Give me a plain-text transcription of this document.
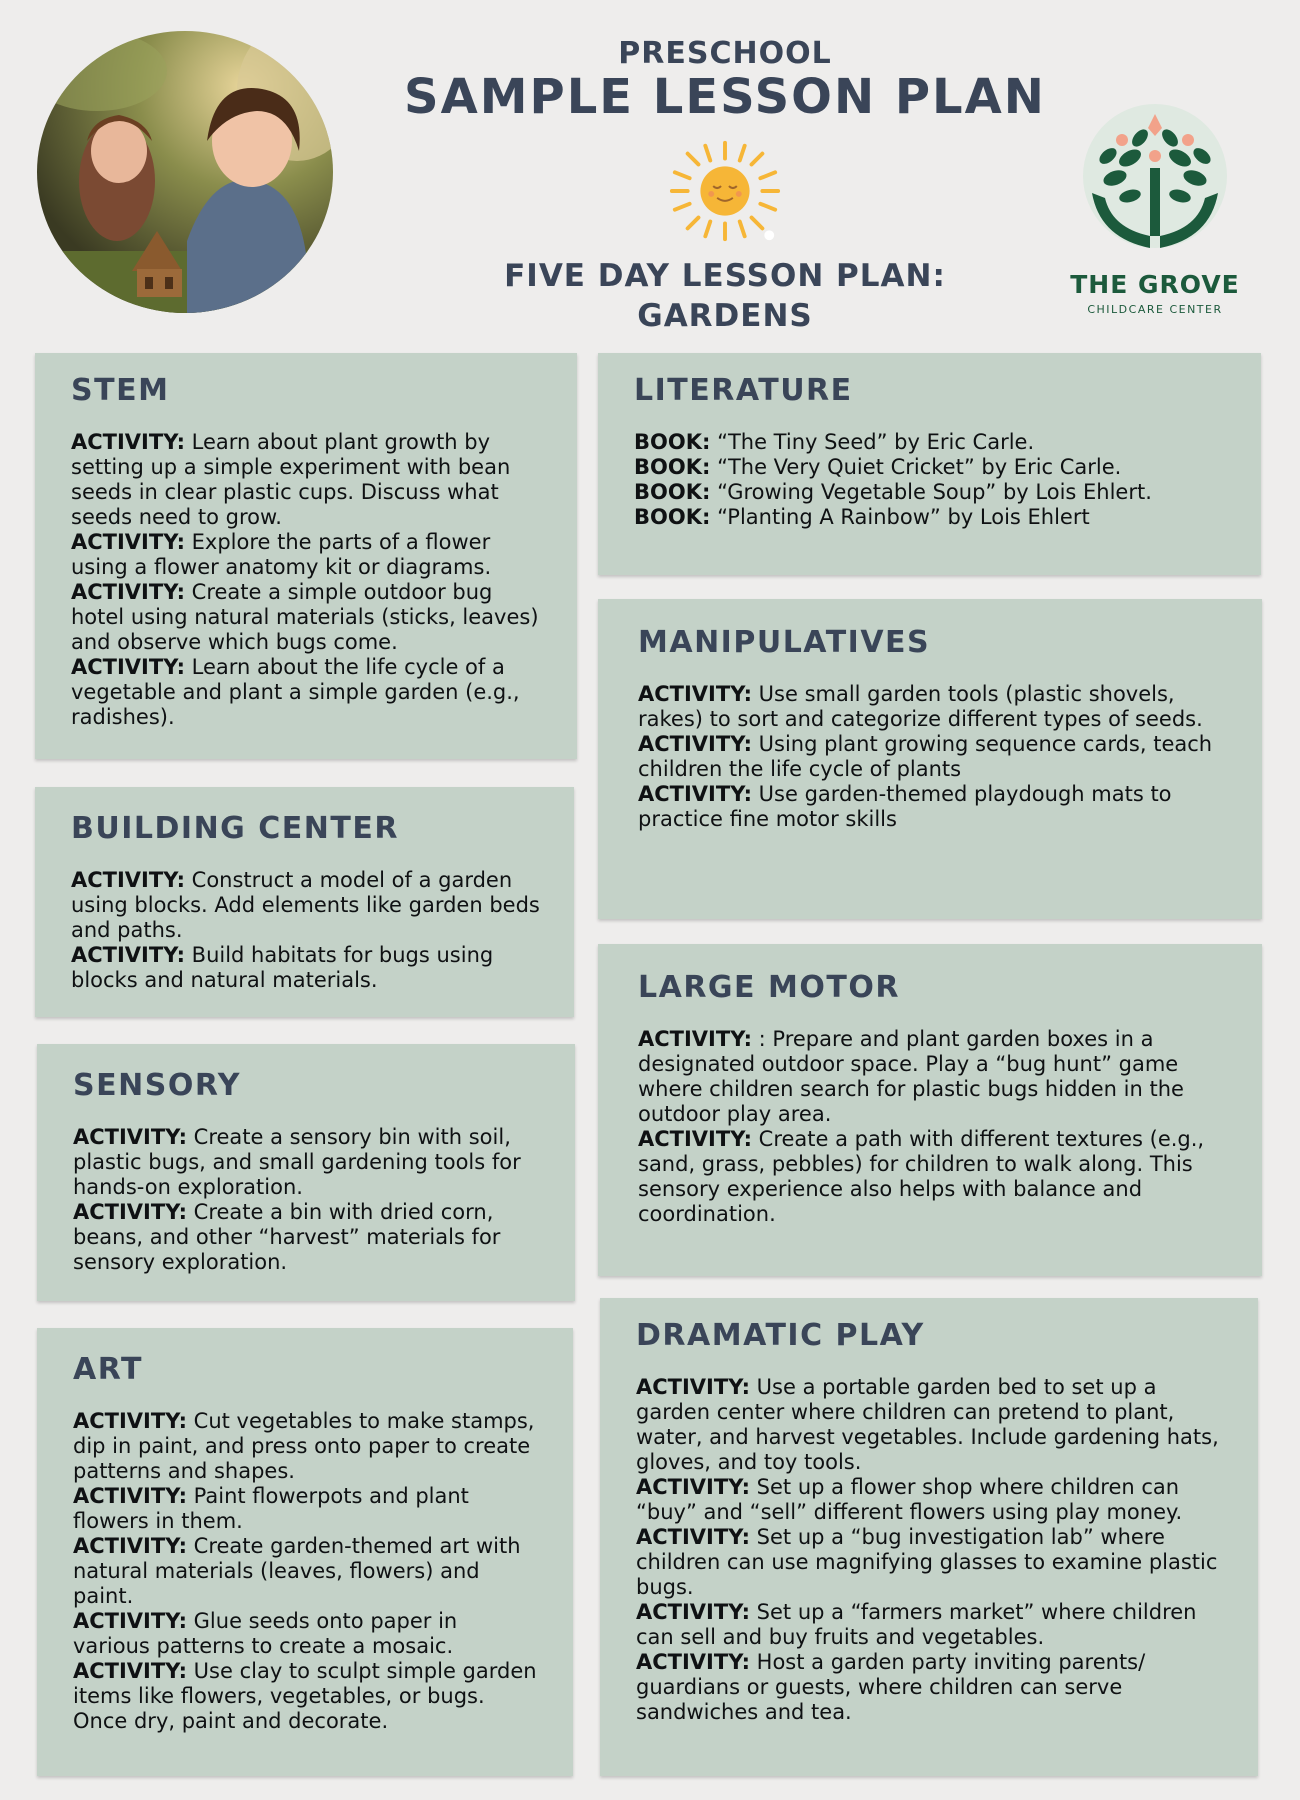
PRESCHOOL
SAMPLE LESSON PLAN
FIVE DAY LESSON PLAN:
GARDENS
THE GROVE
CHILDCARE CENTER
STEM

ACTIVITY: Learn about plant growth by setting up a simple experiment with bean seeds in clear plastic cups. Discuss what seeds need to grow.

ACTIVITY: Explore the parts of a flower using a flower anatomy kit or diagrams.

ACTIVITY: Create a simple outdoor bug hotel using natural materials (sticks, leaves) and observe which bugs come.

ACTIVITY: Learn about the life cycle of a vegetable and plant a simple garden (e.g., radishes).

BUILDING CENTER

ACTIVITY: Construct a model of a garden using blocks. Add elements like garden beds and paths.

ACTIVITY: Build habitats for bugs using blocks and natural materials.

SENSORY

ACTIVITY: Create a sensory bin with soil, plastic bugs, and small gardening tools for hands-on exploration.

ACTIVITY: Create a bin with dried corn, beans, and other “harvest” materials for sensory exploration.

ART

ACTIVITY: Cut vegetables to make stamps, dip in paint, and press onto paper to create patterns and shapes.

ACTIVITY: Paint flowerpots and plant flowers in them.

ACTIVITY: Create garden-themed art with natural materials (leaves, flowers) and paint.

ACTIVITY: Glue seeds onto paper in various patterns to create a mosaic.

ACTIVITY: Use clay to sculpt simple garden items like flowers, vegetables, or bugs. Once dry, paint and decorate.

LITERATURE

BOOK: “The Tiny Seed” by Eric Carle.

BOOK: “The Very Quiet Cricket” by Eric Carle.

BOOK: “Growing Vegetable Soup” by Lois Ehlert.

BOOK: “Planting A Rainbow” by Lois Ehlert

MANIPULATIVES

ACTIVITY: Use small garden tools (plastic shovels, rakes) to sort and categorize different types of seeds.

ACTIVITY: Using plant growing sequence cards, teach children the life cycle of plants

ACTIVITY: Use garden-themed playdough mats to practice fine motor skills

LARGE MOTOR

ACTIVITY: : Prepare and plant garden boxes in a designated outdoor space. Play a “bug hunt” game where children search for plastic bugs hidden in the outdoor play area.

ACTIVITY: Create a path with different textures (e.g., sand, grass, pebbles) for children to walk along. This sensory experience also helps with balance and coordination.

DRAMATIC PLAY

ACTIVITY: Use a portable garden bed to set up a garden center where children can pretend to plant, water, and harvest vegetables. Include gardening hats, gloves, and toy tools.

ACTIVITY: Set up a flower shop where children can “buy” and “sell” different flowers using play money.

ACTIVITY: Set up a “bug investigation lab” where children can use magnifying glasses to examine plastic bugs.

ACTIVITY: Set up a “farmers market” where children can sell and buy fruits and vegetables.

ACTIVITY: Host a garden party inviting parents/ guardians or guests, where children can serve sandwiches and tea.
